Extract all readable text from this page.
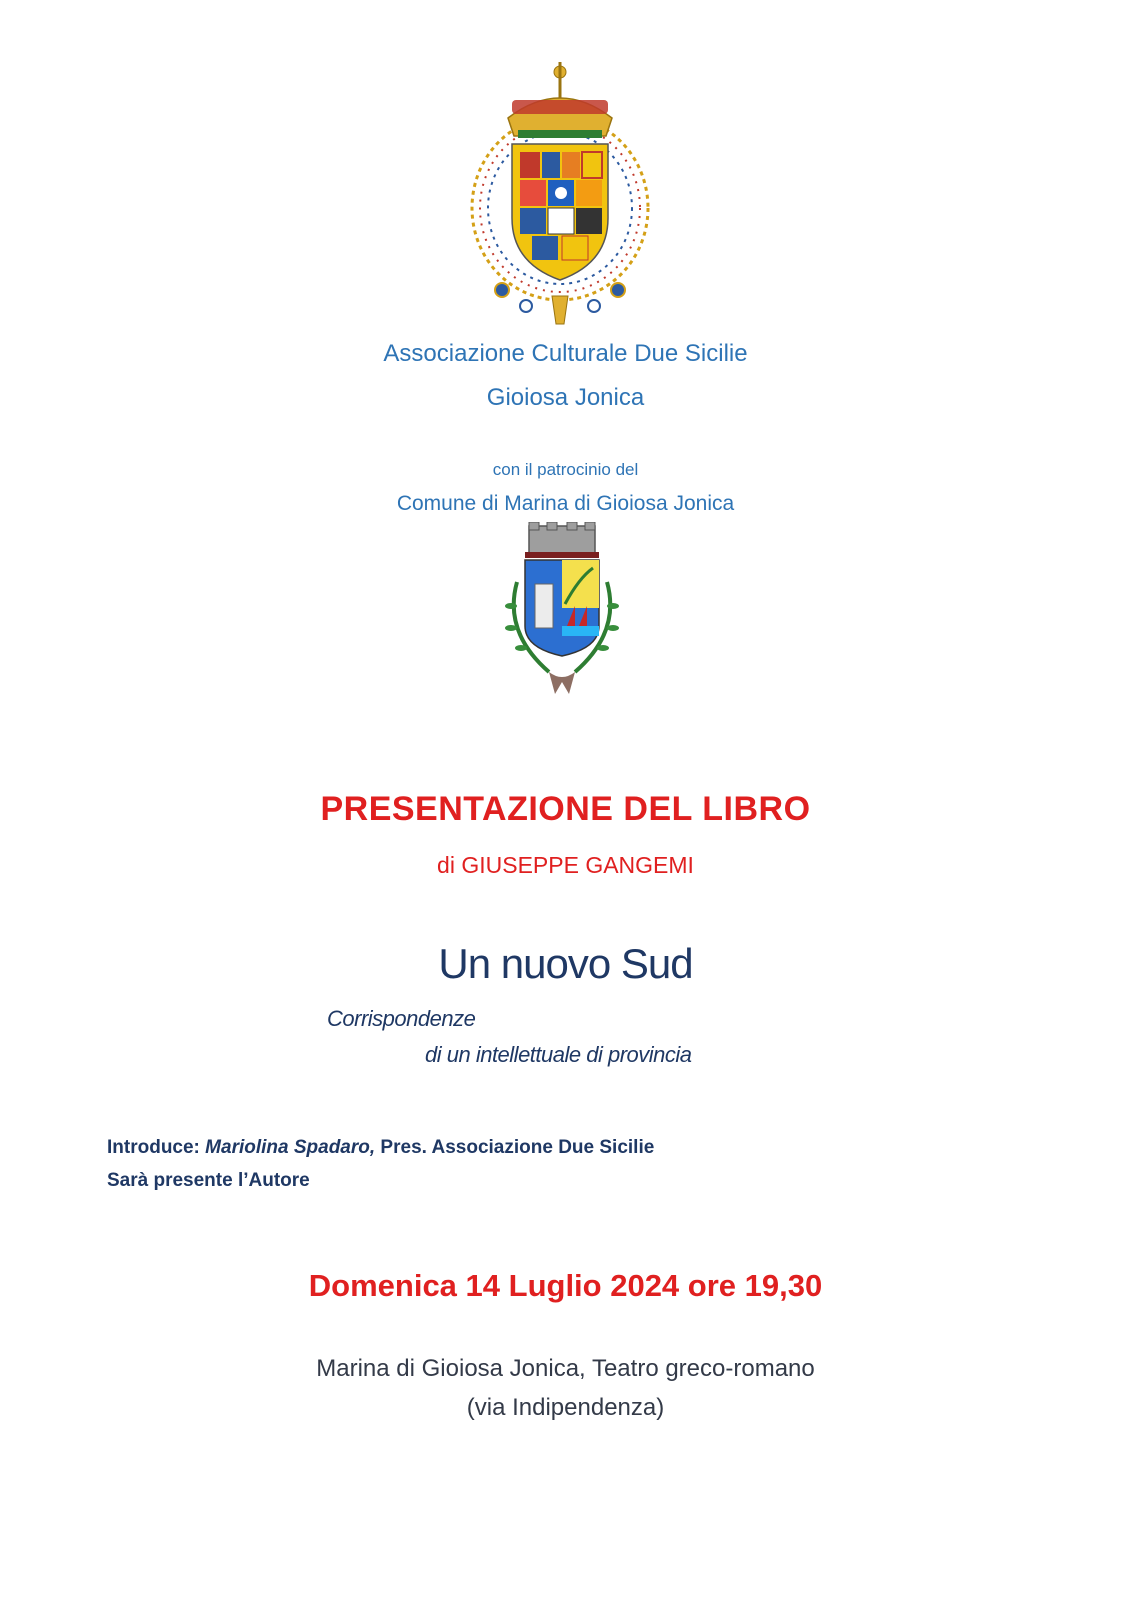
Associazione Culturale Due Sicilie
Gioiosa Jonica
con il patrocinio del
Comune di Marina di Gioiosa Jonica
PRESENTAZIONE DEL LIBRO
di GIUSEPPE GANGEMI
Un nuovo Sud
Corrispondenze
di un intellettuale di provincia
Introduce: Mariolina Spadaro, Pres. Associazione Due Sicilie
Sarà presente l’Autore
Domenica 14 Luglio 2024 ore 19,30
Marina di Gioiosa Jonica, Teatro greco-romano
(via Indipendenza)
